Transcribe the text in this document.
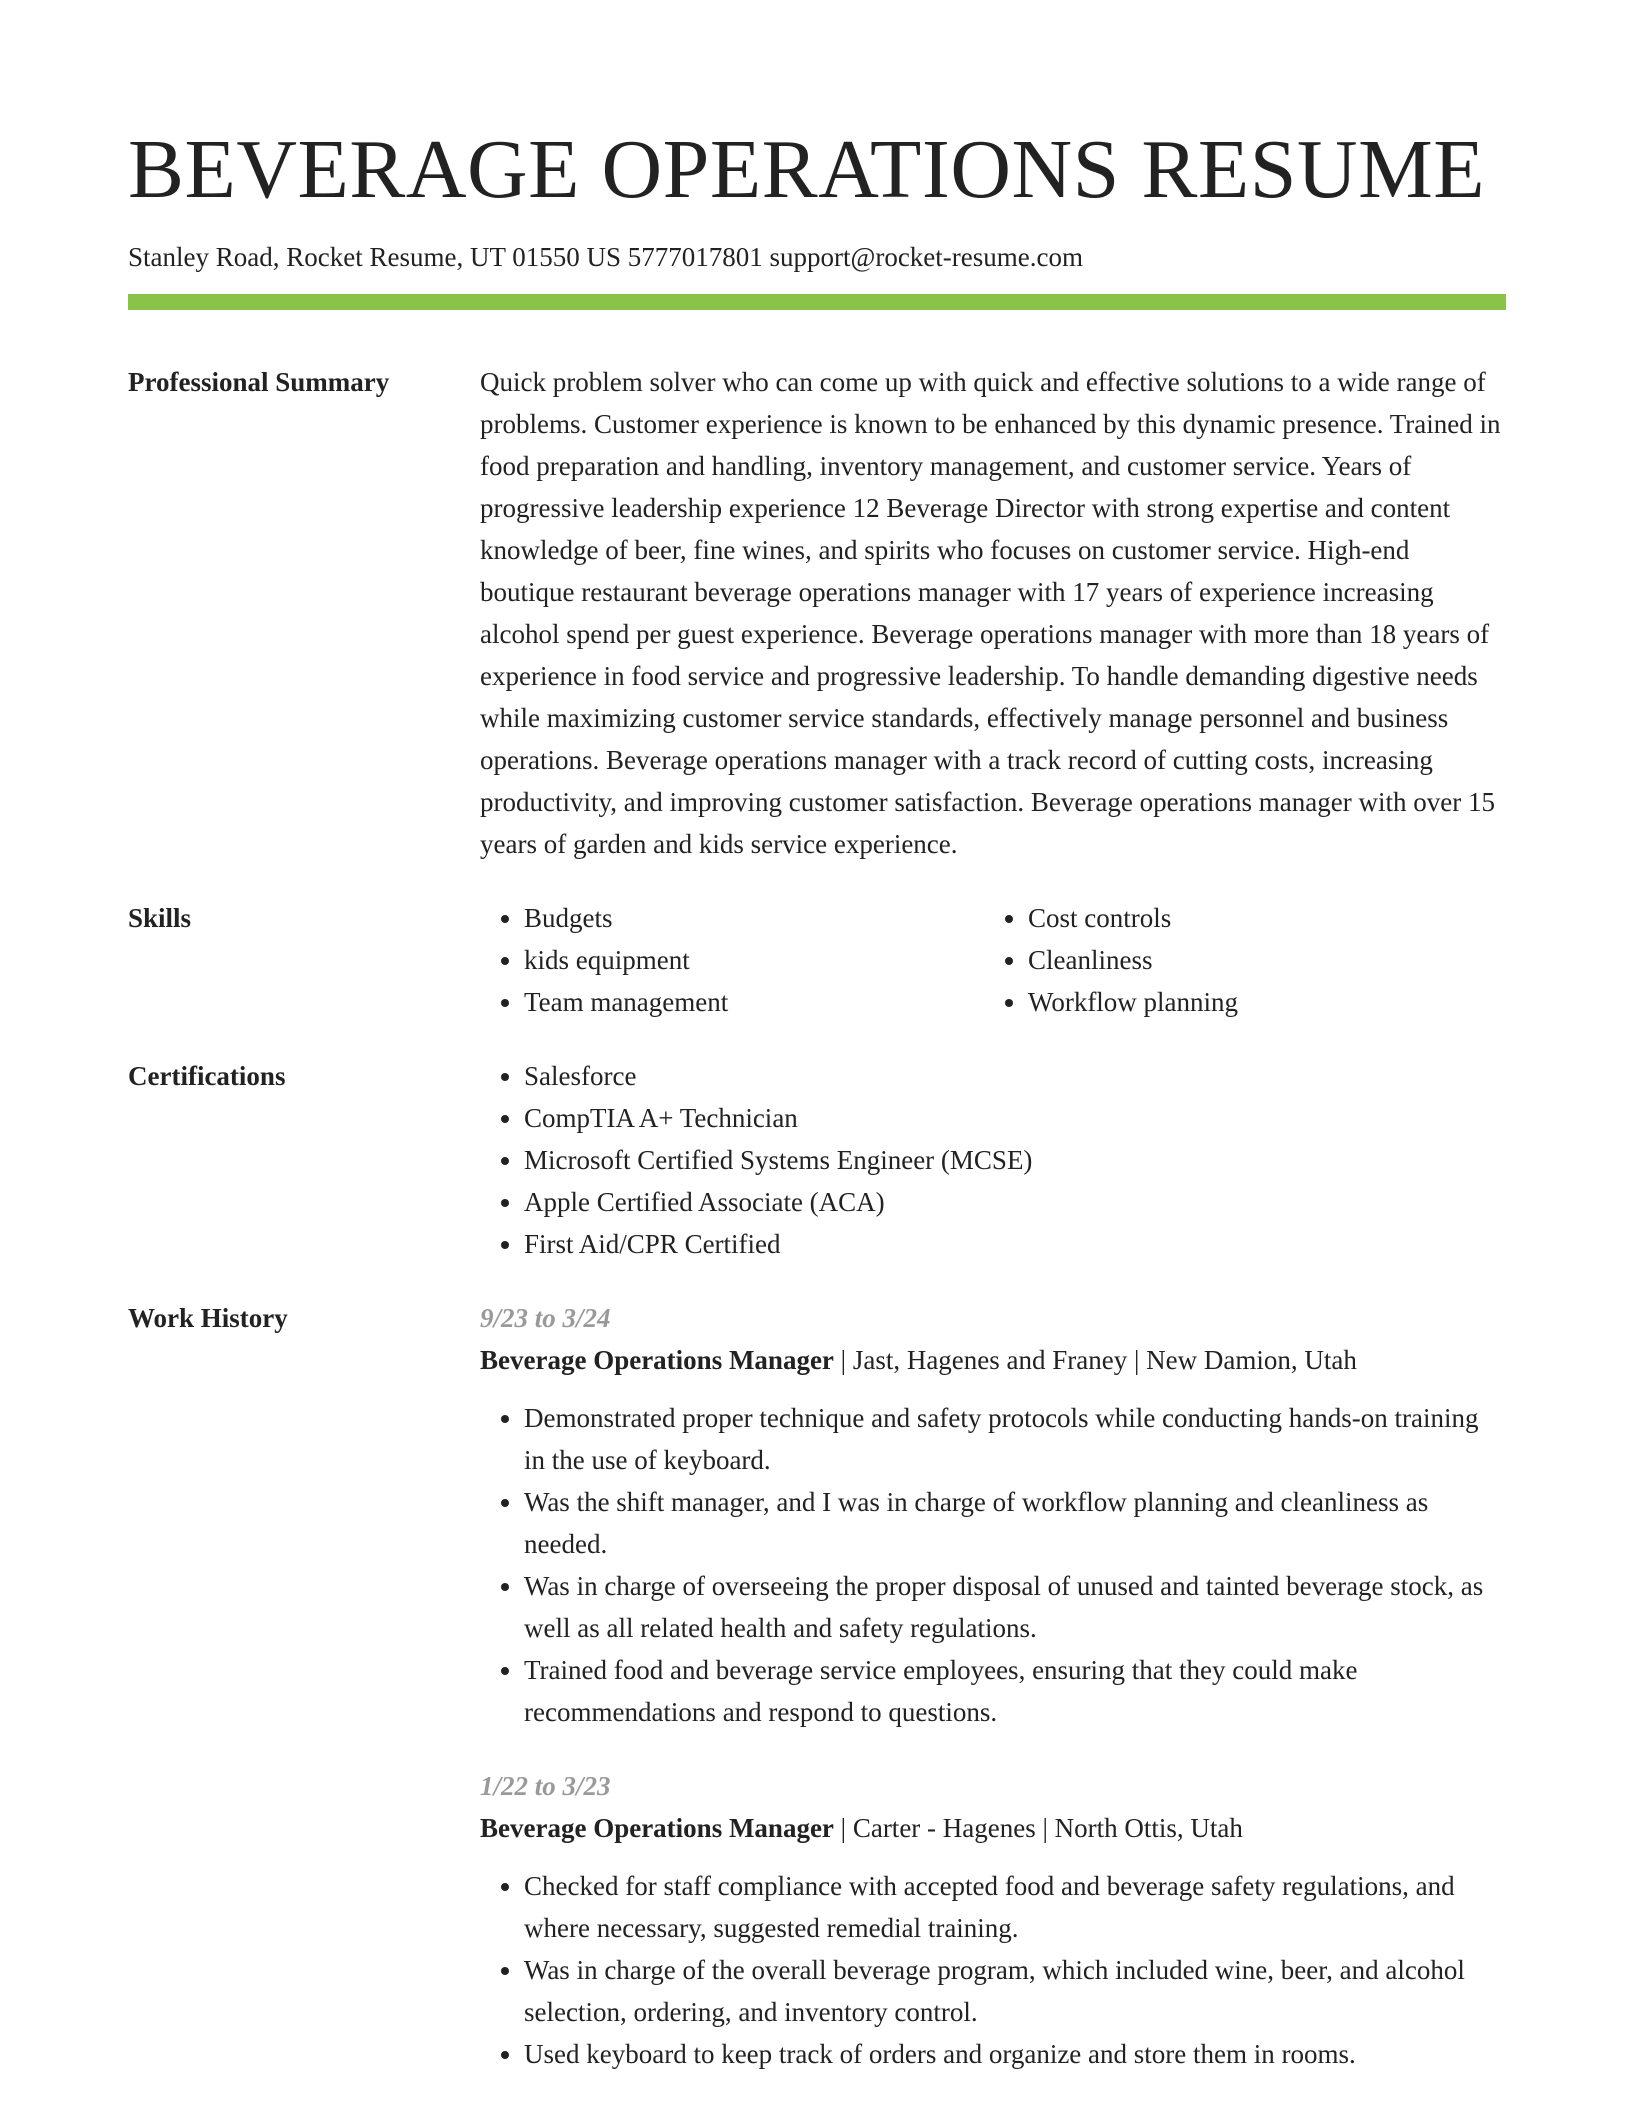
BEVERAGE OPERATIONS RESUME
Stanley Road, Rocket Resume, UT 01550 US 5777017801 support@rocket-resume.com
Professional Summary	Quick problem solver who can come up with quick and effective solutions to a wide range of problems. Customer experience is known to be enhanced by this dynamic presence. Trained in food preparation and handling, inventory management, and customer service. Years of progressive leadership experience 12 Beverage Director with strong expertise and content knowledge of beer, fine wines, and spirits who focuses on customer service. High-end boutique restaurant beverage operations manager with 17 years of experience increasing alcohol spend per guest experience. Beverage operations manager with more than 18 years of experience in food service and progressive leadership. To handle demanding digestive needs while maximizing customer service standards, effectively manage personnel and business operations. Beverage operations manager with a track record of cutting costs, increasing productivity, and improving customer satisfaction. Beverage operations manager with over 15 years of garden and kids service experience.

Skills	• Budgets
• kids equipment
• Team management
• Cost controls
• Cleanliness
• Workflow planning
Certifications	• Salesforce
• CompTIA A+ Technician
• Microsoft Certified Systems Engineer (MCSE)
• Apple Certified Associate (ACA)
• First Aid/CPR Certified
Work History	9/23 to 3/24
Beverage Operations Manager | Jast, Hagenes and Franey | New Damion, Utah
• Demonstrated proper technique and safety protocols while conducting hands-on training in the use of keyboard.
• Was the shift manager, and I was in charge of workflow planning and cleanliness as needed.
• Was in charge of overseeing the proper disposal of unused and tainted beverage stock, as well as all related health and safety regulations.
• Trained food and beverage service employees, ensuring that they could make recommendations and respond to questions.
1/22 to 3/23
Beverage Operations Manager | Carter - Hagenes | North Ottis, Utah
• Checked for staff compliance with accepted food and beverage safety regulations, and where necessary, suggested remedial training.
• Was in charge of the overall beverage program, which included wine, beer, and alcohol selection, ordering, and inventory control.
• Used keyboard to keep track of orders and organize and store them in rooms.
